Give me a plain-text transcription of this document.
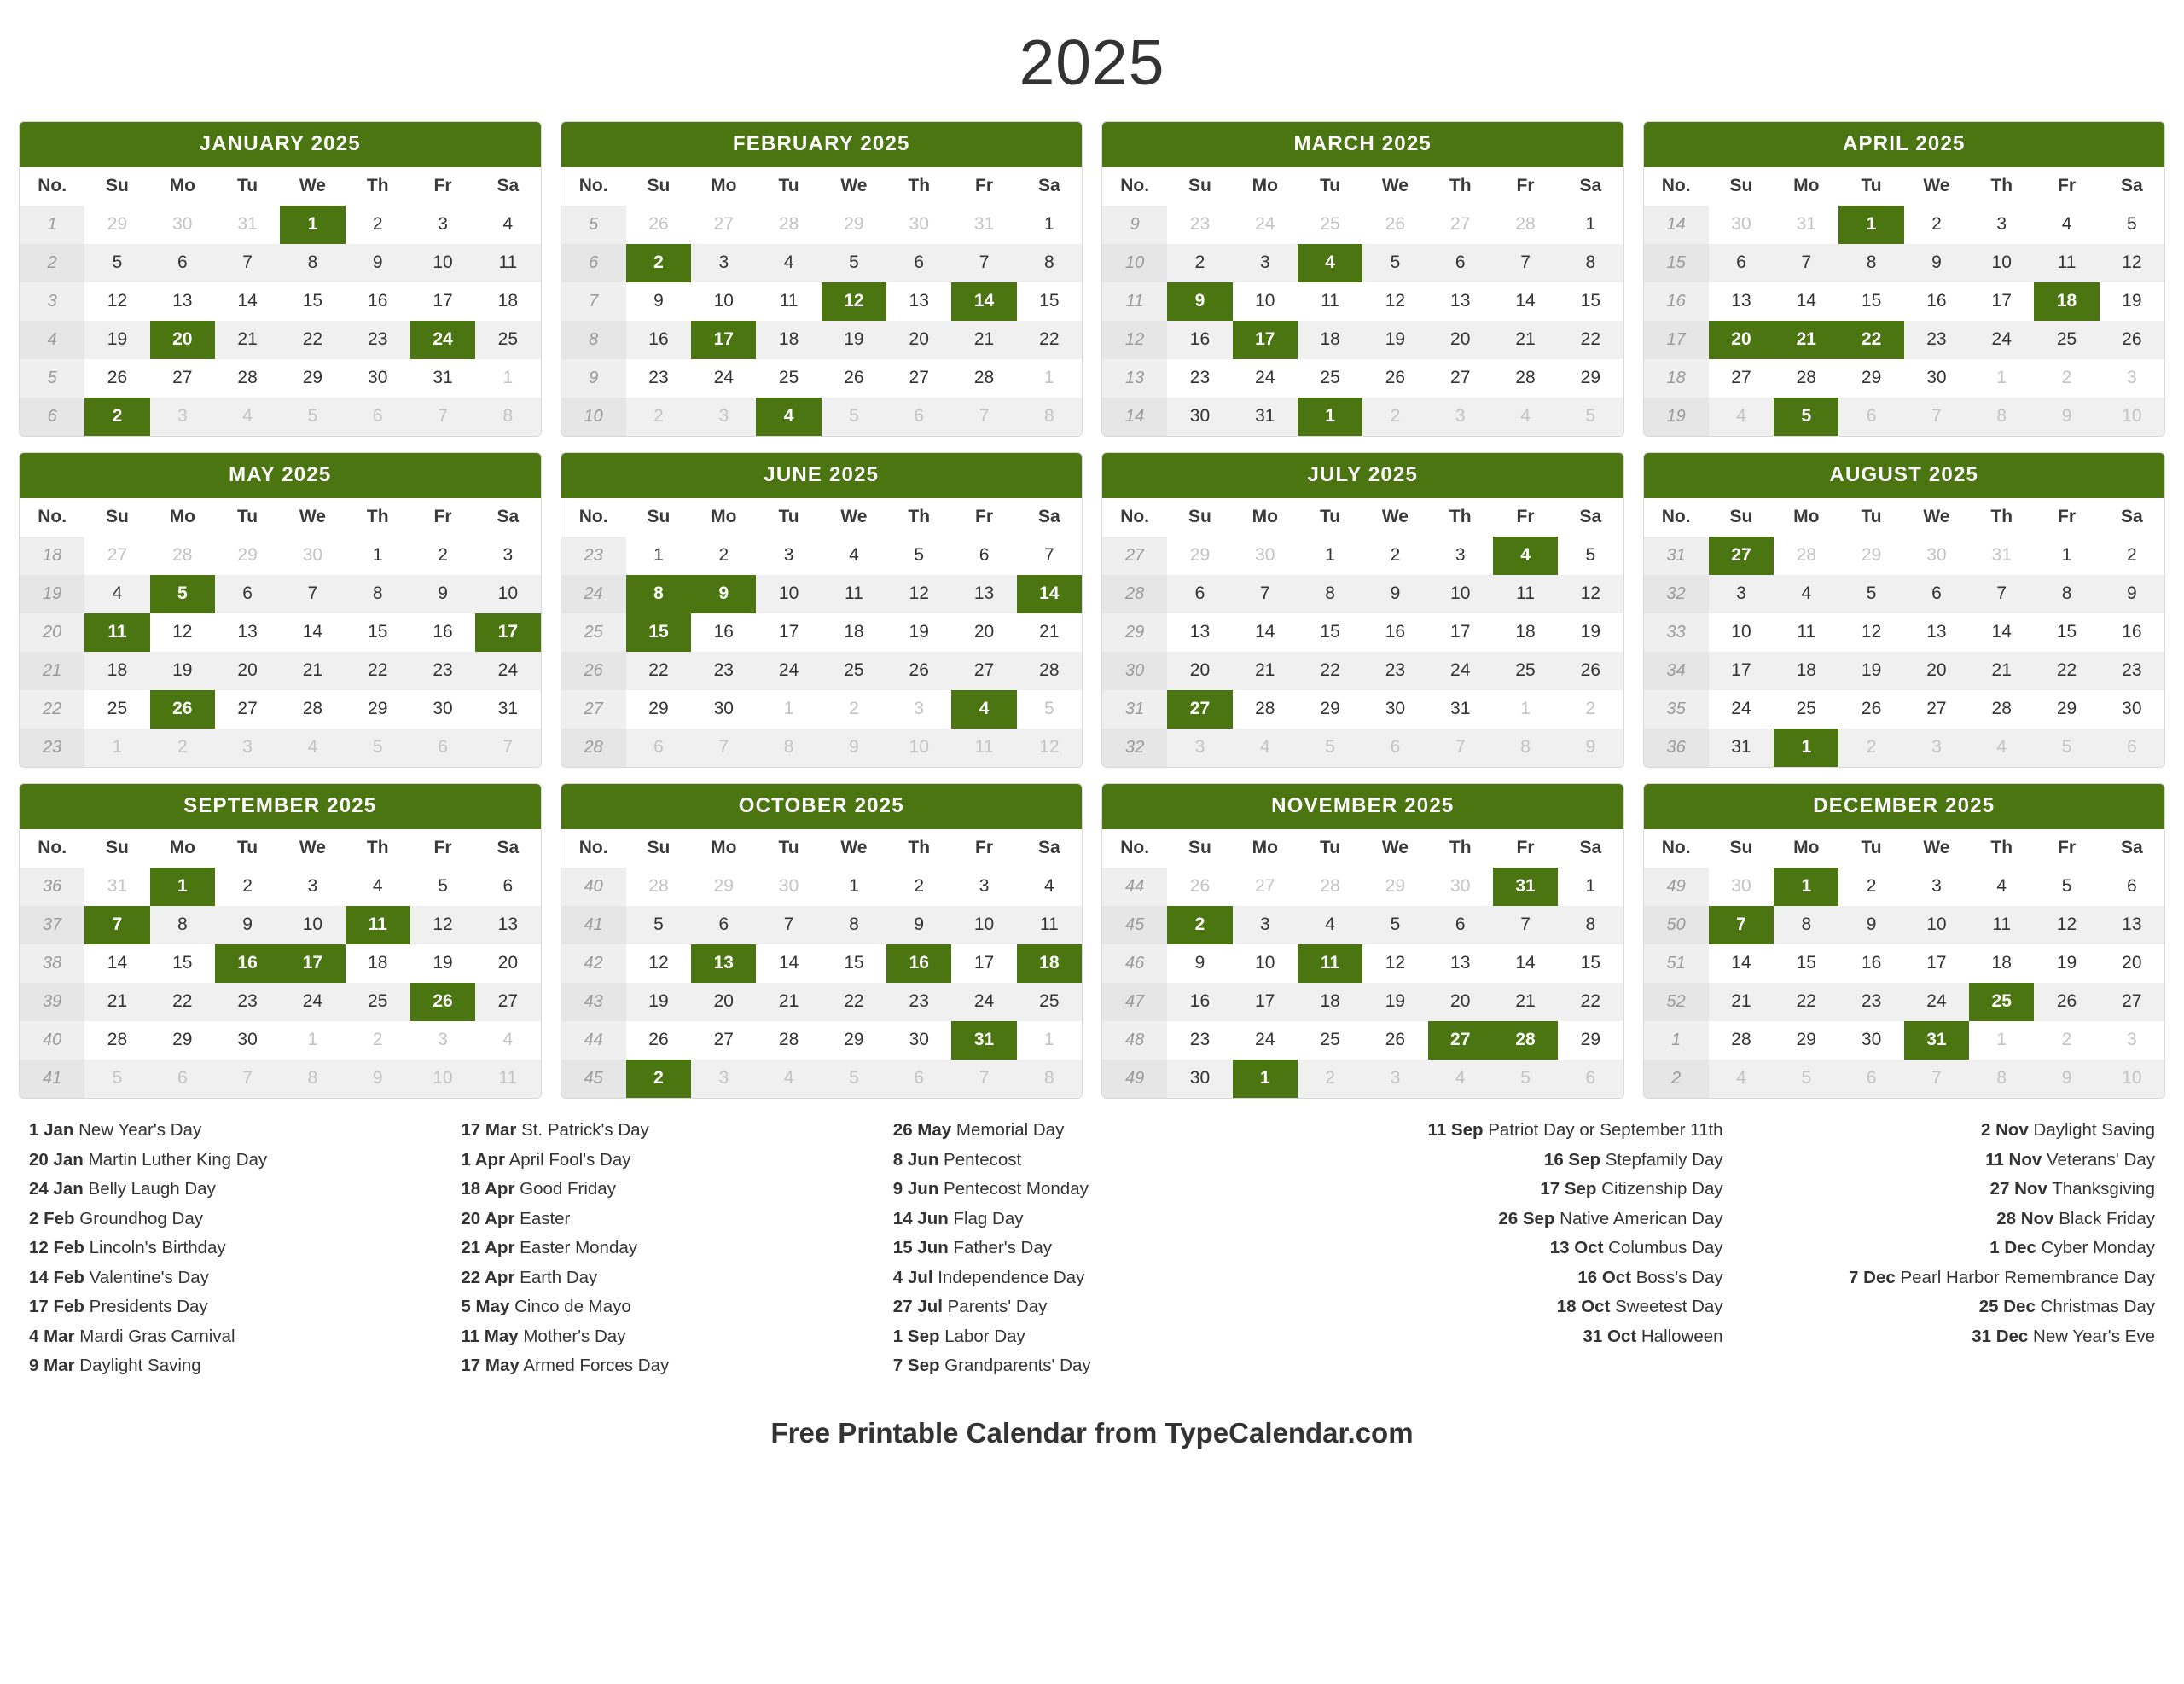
2025
JANUARY 2025
No.	Su	Mo	Tu	We	Th	Fr	Sa
1	29	30	31	1	2	3	4
2	5	6	7	8	9	10	11
3	12	13	14	15	16	17	18
4	19	20	21	22	23	24	25
5	26	27	28	29	30	31	1
6	2	3	4	5	6	7	8
FEBRUARY 2025
No.	Su	Mo	Tu	We	Th	Fr	Sa
5	26	27	28	29	30	31	1
6	2	3	4	5	6	7	8
7	9	10	11	12	13	14	15
8	16	17	18	19	20	21	22
9	23	24	25	26	27	28	1
10	2	3	4	5	6	7	8
MARCH 2025
No.	Su	Mo	Tu	We	Th	Fr	Sa
9	23	24	25	26	27	28	1
10	2	3	4	5	6	7	8
11	9	10	11	12	13	14	15
12	16	17	18	19	20	21	22
13	23	24	25	26	27	28	29
14	30	31	1	2	3	4	5
APRIL 2025
No.	Su	Mo	Tu	We	Th	Fr	Sa
14	30	31	1	2	3	4	5
15	6	7	8	9	10	11	12
16	13	14	15	16	17	18	19
17	20	21	22	23	24	25	26
18	27	28	29	30	1	2	3
19	4	5	6	7	8	9	10
MAY 2025
No.	Su	Mo	Tu	We	Th	Fr	Sa
18	27	28	29	30	1	2	3
19	4	5	6	7	8	9	10
20	11	12	13	14	15	16	17
21	18	19	20	21	22	23	24
22	25	26	27	28	29	30	31
23	1	2	3	4	5	6	7
JUNE 2025
No.	Su	Mo	Tu	We	Th	Fr	Sa
23	1	2	3	4	5	6	7
24	8	9	10	11	12	13	14
25	15	16	17	18	19	20	21
26	22	23	24	25	26	27	28
27	29	30	1	2	3	4	5
28	6	7	8	9	10	11	12
JULY 2025
No.	Su	Mo	Tu	We	Th	Fr	Sa
27	29	30	1	2	3	4	5
28	6	7	8	9	10	11	12
29	13	14	15	16	17	18	19
30	20	21	22	23	24	25	26
31	27	28	29	30	31	1	2
32	3	4	5	6	7	8	9
AUGUST 2025
No.	Su	Mo	Tu	We	Th	Fr	Sa
31	27	28	29	30	31	1	2
32	3	4	5	6	7	8	9
33	10	11	12	13	14	15	16
34	17	18	19	20	21	22	23
35	24	25	26	27	28	29	30
36	31	1	2	3	4	5	6
SEPTEMBER 2025
No.	Su	Mo	Tu	We	Th	Fr	Sa
36	31	1	2	3	4	5	6
37	7	8	9	10	11	12	13
38	14	15	16	17	18	19	20
39	21	22	23	24	25	26	27
40	28	29	30	1	2	3	4
41	5	6	7	8	9	10	11
OCTOBER 2025
No.	Su	Mo	Tu	We	Th	Fr	Sa
40	28	29	30	1	2	3	4
41	5	6	7	8	9	10	11
42	12	13	14	15	16	17	18
43	19	20	21	22	23	24	25
44	26	27	28	29	30	31	1
45	2	3	4	5	6	7	8
NOVEMBER 2025
No.	Su	Mo	Tu	We	Th	Fr	Sa
44	26	27	28	29	30	31	1
45	2	3	4	5	6	7	8
46	9	10	11	12	13	14	15
47	16	17	18	19	20	21	22
48	23	24	25	26	27	28	29
49	30	1	2	3	4	5	6
DECEMBER 2025
No.	Su	Mo	Tu	We	Th	Fr	Sa
49	30	1	2	3	4	5	6
50	7	8	9	10	11	12	13
51	14	15	16	17	18	19	20
52	21	22	23	24	25	26	27
1	28	29	30	31	1	2	3
2	4	5	6	7	8	9	10
1 Jan New Year's Day
20 Jan Martin Luther King Day
24 Jan Belly Laugh Day
2 Feb Groundhog Day
12 Feb Lincoln's Birthday
14 Feb Valentine's Day
17 Feb Presidents Day
4 Mar Mardi Gras Carnival
9 Mar Daylight Saving
17 Mar St. Patrick's Day
1 Apr April Fool's Day
18 Apr Good Friday
20 Apr Easter
21 Apr Easter Monday
22 Apr Earth Day
5 May Cinco de Mayo
11 May Mother's Day
17 May Armed Forces Day
26 May Memorial Day
8 Jun Pentecost
9 Jun Pentecost Monday
14 Jun Flag Day
15 Jun Father's Day
4 Jul Independence Day
27 Jul Parents' Day
1 Sep Labor Day
7 Sep Grandparents' Day
11 Sep Patriot Day or September 11th
16 Sep Stepfamily Day
17 Sep Citizenship Day
26 Sep Native American Day
13 Oct Columbus Day
16 Oct Boss's Day
18 Oct Sweetest Day
31 Oct Halloween
2 Nov Daylight Saving
11 Nov Veterans' Day
27 Nov Thanksgiving
28 Nov Black Friday
1 Dec Cyber Monday
7 Dec Pearl Harbor Remembrance Day
25 Dec Christmas Day
31 Dec New Year's Eve
Free Printable Calendar from TypeCalendar.com
